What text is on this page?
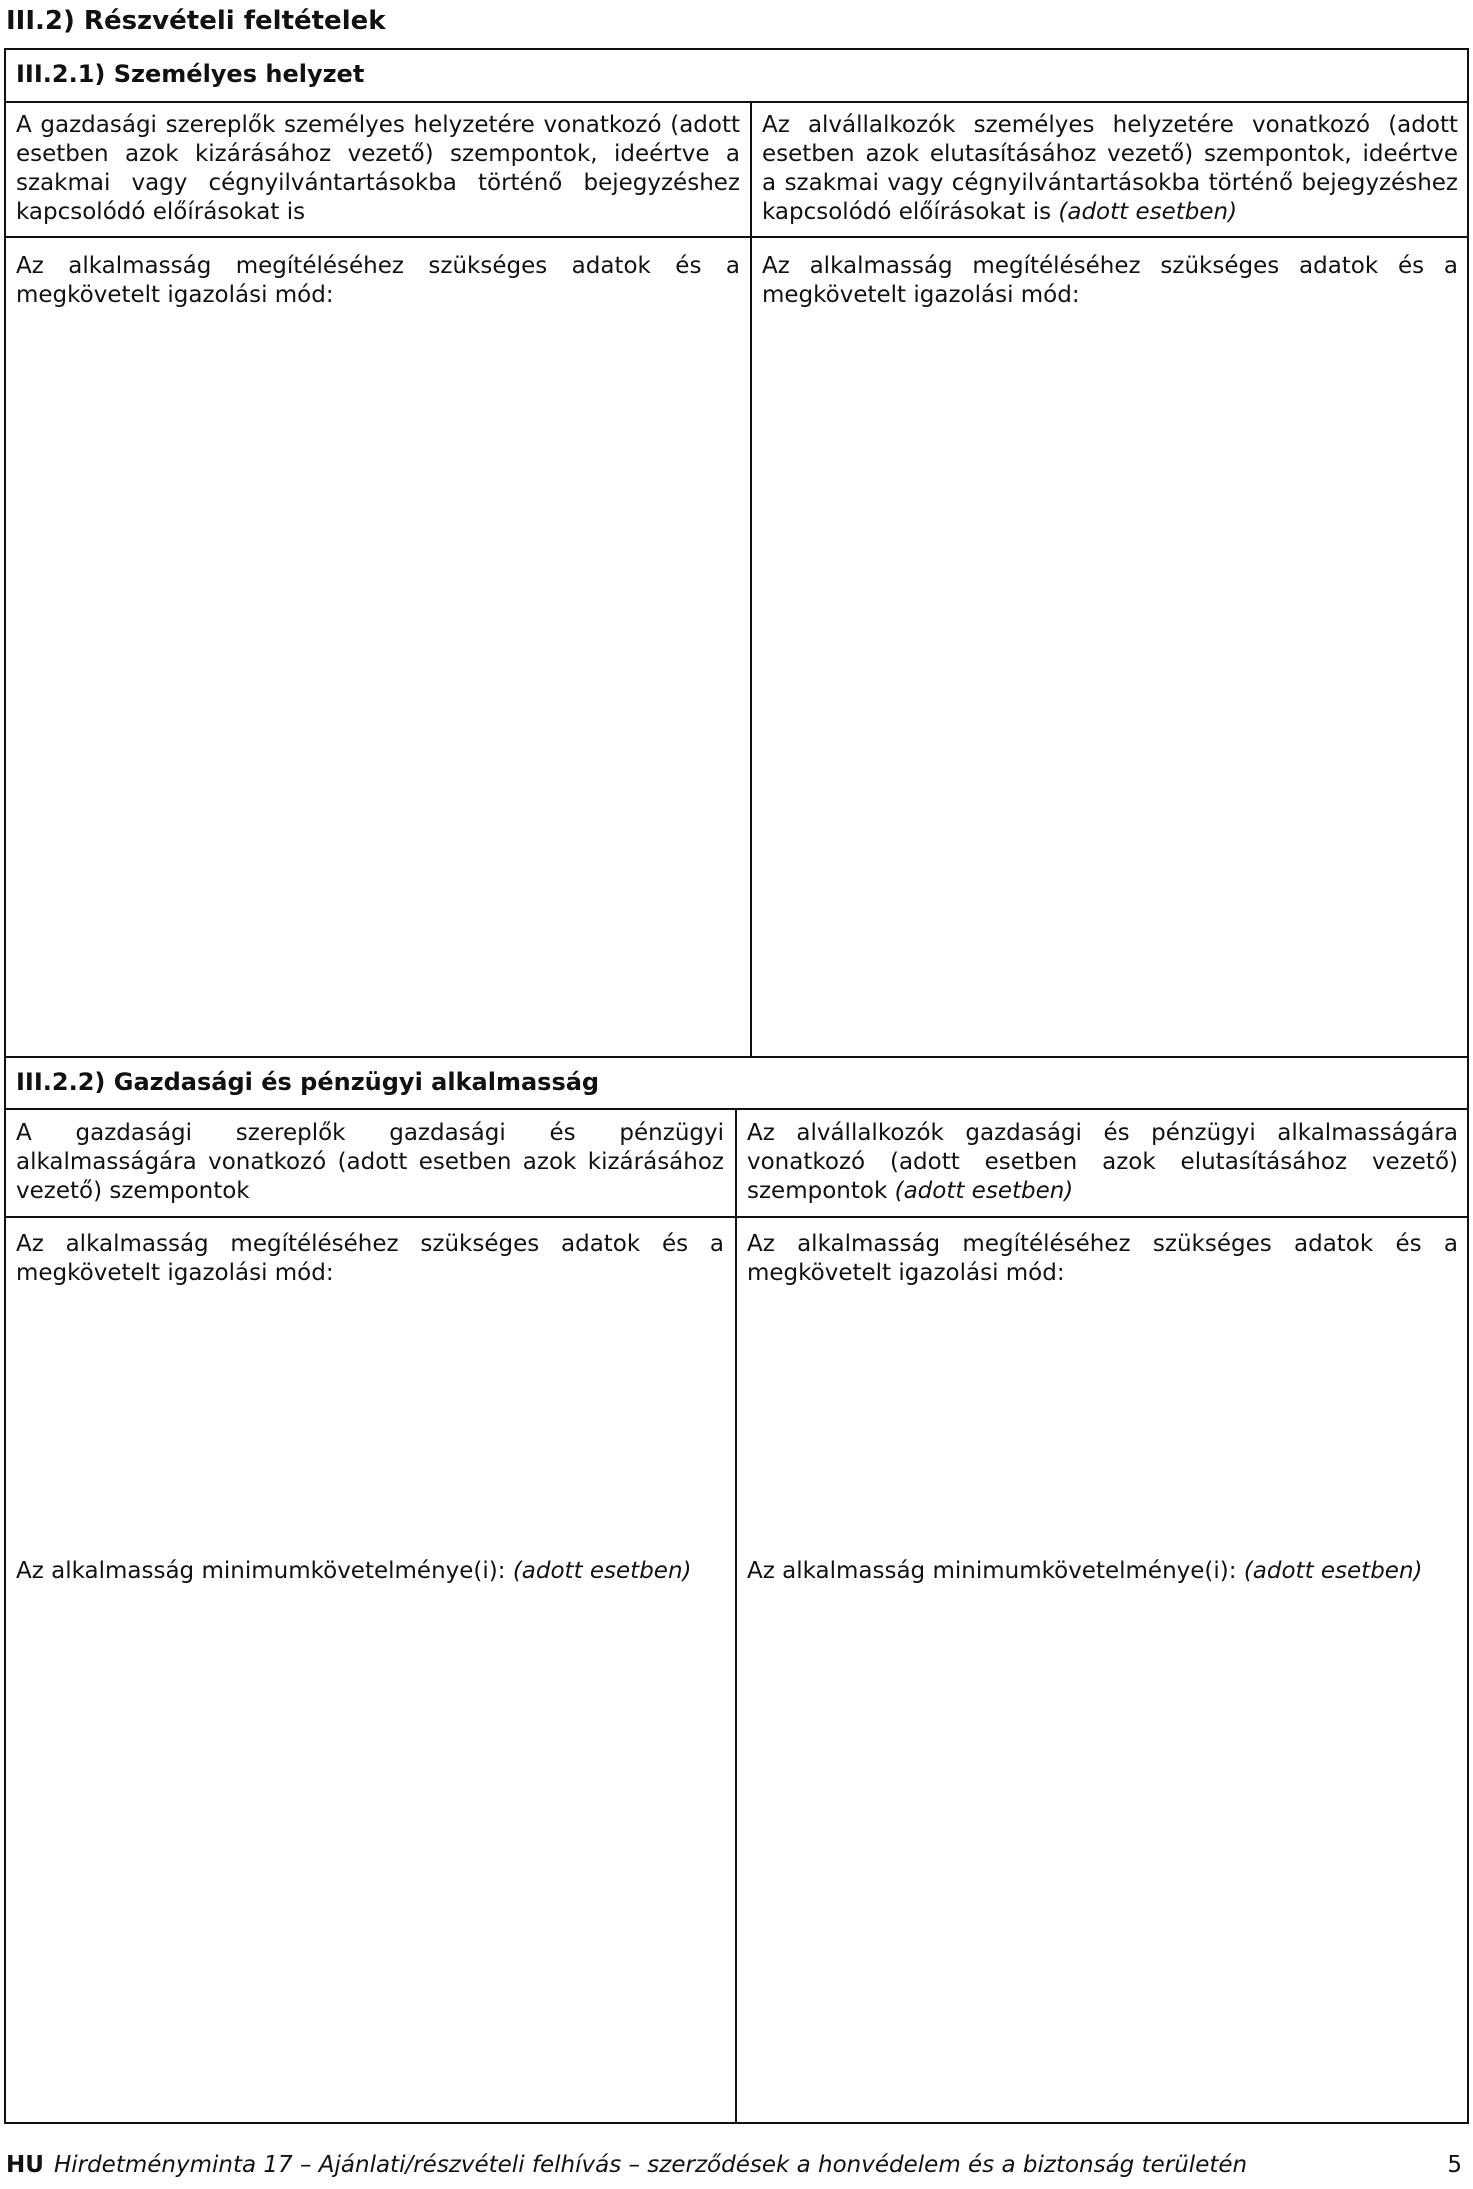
III.2) Részvételi feltételek
III.2.1) Személyes helyzet
A gazdasági szereplők személyes helyzetére vonatkozó (adott esetben azok kizárásához vezető) szempontok, ideértve a szakmai vagy cégnyilvántartásokba történő bejegyzéshez kapcsolódó előírásokat is
Az alvállalkozók személyes helyzetére vonatkozó (adott esetben azok elutasításához vezető) szempontok, ideértve a szakmai vagy cégnyilvántartásokba történő bejegyzéshez kapcsolódó előírásokat is (adott esetben)
Az alkalmasság megítéléséhez szükséges adatok és a megkövetelt igazolási mód:
Az alkalmasság megítéléséhez szükséges adatok és a megkövetelt igazolási mód:
III.2.2) Gazdasági és pénzügyi alkalmasság
A gazdasági szereplők gazdasági és pénzügyi alkalmasságára vonatkozó (adott esetben azok kizárásához vezető) szempontok
Az alvállalkozók gazdasági és pénzügyi alkalmasságára vonatkozó (adott esetben azok elutasításához vezető) szempontok (adott esetben)
Az alkalmasság megítéléséhez szükséges adatok és a megkövetelt igazolási mód:
Az alkalmasság megítéléséhez szükséges adatok és a megkövetelt igazolási mód:
Az alkalmasság minimumkövetelménye(i): (adott esetben)	Az alkalmasság minimumkövetelménye(i): (adott esetben)
HU Hirdetményminta 17 – Ajánlati/részvételi felhívás – szerződések a honvédelem és a biztonság területén	5
